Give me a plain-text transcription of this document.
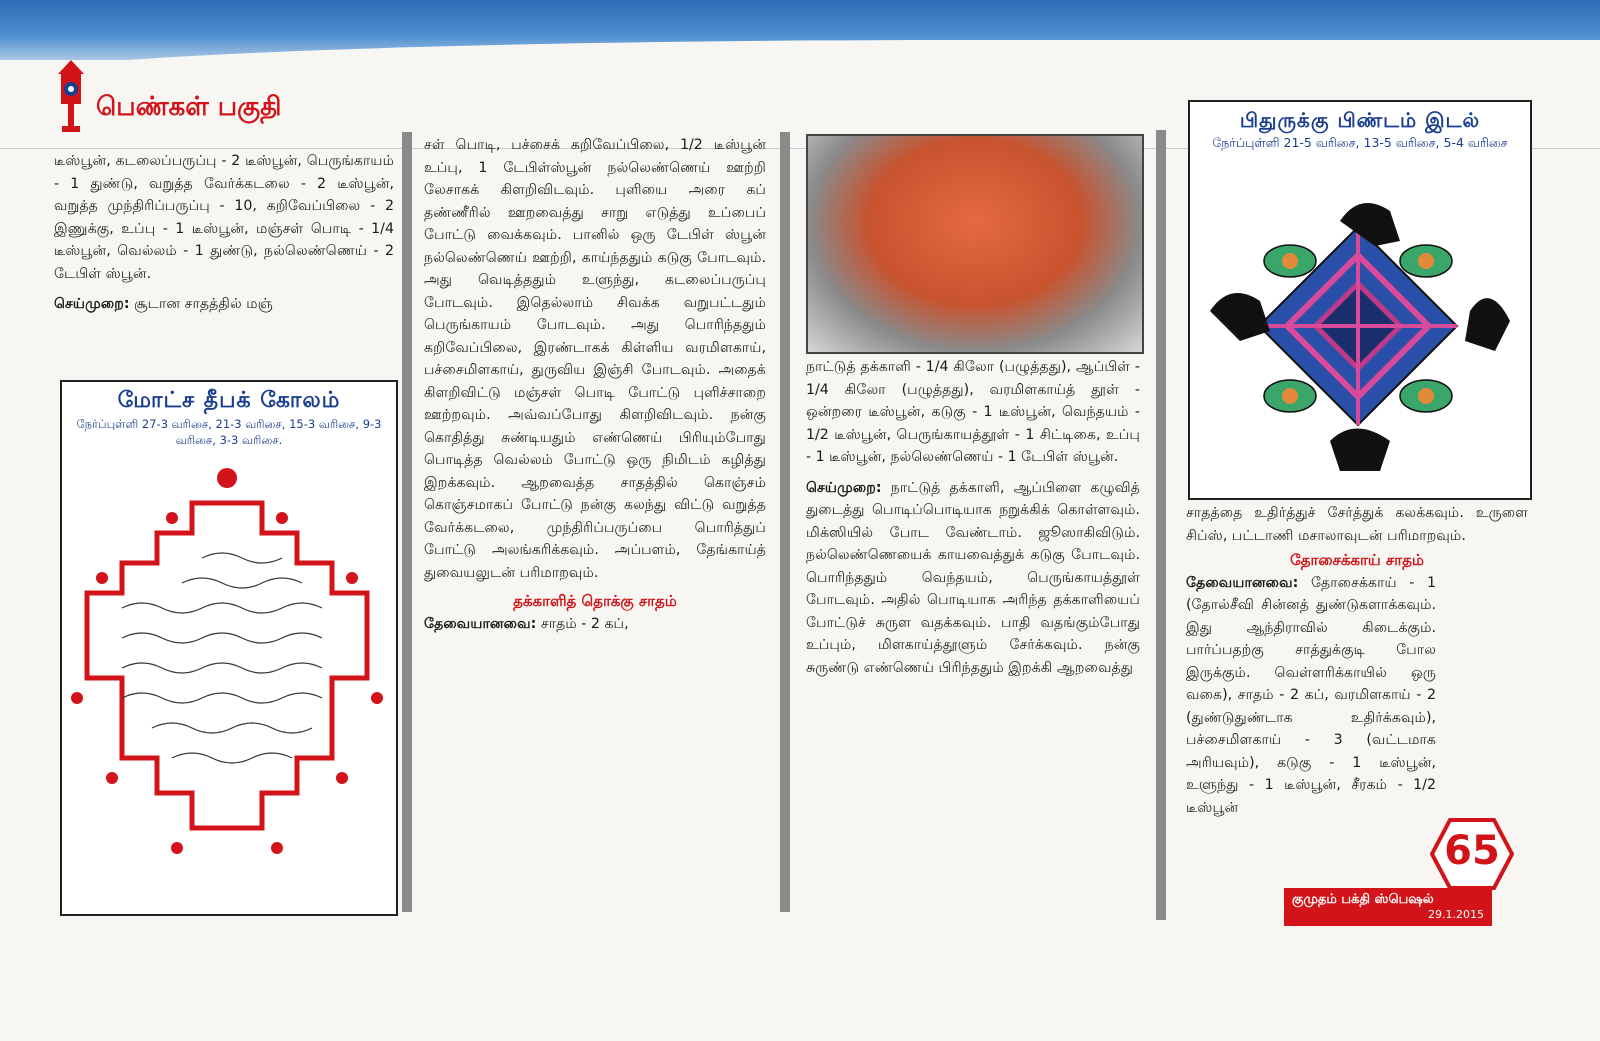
பெண்கள் பகுதி

டீஸ்பூன், கடலைப்பருப்பு - 2 டீஸ்பூன், பெருங்காயம் - 1 துண்டு, வறுத்த வேர்க்கடலை - 2 டீஸ்பூன், வறுத்த முந்திரிப்பருப்பு - 10, கறிவேப்பிலை - 2 இணுக்கு, உப்பு - 1 டீஸ்பூன், மஞ்சள் பொடி - 1/4 டீஸ்பூன், வெல்லம் - 1 துண்டு, நல்லெண்ணெய் - 2 டேபிள் ஸ்பூன்.

செய்முறை: சூடான சாதத்தில் மஞ்

மோட்ச தீபக் கோலம்
நேர்ப்புள்ளி 27-3 வரிசை, 21-3 வரிசை, 15-3 வரிசை, 9-3 வரிசை, 3-3 வரிசை.

சள் பொடி, பச்சைக் கறிவேப்பிலை, 1/2 டீஸ்பூன் உப்பு, 1 டேபிள்ஸ்பூன் நல்லெண்ணெய் ஊற்றி லேசாகக் கிளறிவிடவும். புளியை அரை கப் தண்ணீரில் ஊறவைத்து சாறு எடுத்து உப்பைப் போட்டு வைக்கவும். பானில் ஒரு டேபிள் ஸ்பூன் நல்லெண்ணெய் ஊற்றி, காய்ந்ததும் கடுகு போடவும். அது வெடித்ததும் உளுந்து, கடலைப்பருப்பு போடவும். இதெல்லாம் சிவக்க வறுபட்டதும் பெருங்காயம் போடவும். அது பொரிந்ததும் கறிவேப்பிலை, இரண்டாகக் கிள்ளிய வரமிளகாய், பச்சைமிளகாய், துருவிய இஞ்சி போடவும். அதைக் கிளறிவிட்டு மஞ்சள் பொடி போட்டு புளிச்சாறை ஊற்றவும். அவ்வப்போது கிளறிவிடவும். நன்கு கொதித்து சுண்டியதும் எண்ணெய் பிரியும்போது பொடித்த வெல்லம் போட்டு ஒரு நிமிடம் கழித்து இறக்கவும். ஆறவைத்த சாதத்தில் கொஞ்சம் கொஞ்சமாகப் போட்டு நன்கு கலந்து விட்டு வறுத்த வேர்க்கடலை, முந்திரிப்பருப்பை பொரித்துப் போட்டு அலங்கரிக்கவும். அப்பளம், தேங்காய்த் துவையலுடன் பரிமாறவும்.

தக்காளித் தொக்கு சாதம்

தேவையானவை: சாதம் - 2 கப்,

நாட்டுத் தக்காளி - 1/4 கிலோ (பழுத்தது), ஆப்பிள் - 1/4 கிலோ (பழுத்தது), வரமிளகாய்த் தூள் - ஒன்றரை டீஸ்பூன், கடுகு - 1 டீஸ்பூன், வெந்தயம் - 1/2 டீஸ்பூன், பெருங்காயத்தூள் - 1 சிட்டிகை, உப்பு - 1 டீஸ்பூன், நல்லெண்ணெய் - 1 டேபிள் ஸ்பூன்.

செய்முறை: நாட்டுத் தக்காளி, ஆப்பிளை கழுவித் துடைத்து பொடிப்பொடியாக நறுக்கிக் கொள்ளவும். மிக்ஸியில் போட வேண்டாம். ஜூஸாகிவிடும். நல்லெண்ணெயைக் காயவைத்துக் கடுகு போடவும். பொரிந்ததும் வெந்தயம், பெருங்காயத்தூள் போடவும். அதில் பொடியாக அரிந்த தக்காளியைப் போட்டுச் சுருள வதக்கவும். பாதி வதங்கும்போது உப்பும், மிளகாய்த்தூளும் சேர்க்கவும். நன்கு சுருண்டு எண்ணெய் பிரிந்ததும் இறக்கி ஆறவைத்து

பிதுருக்கு பிண்டம் இடல்
நேர்ப்புள்ளி 21-5 வரிசை, 13-5 வரிசை, 5-4 வரிசை

சாதத்தை உதிர்த்துச் சேர்த்துக் கலக்கவும். உருளை சிப்ஸ், பட்டாணி மசாலாவுடன் பரிமாறவும்.

தோசைக்காய் சாதம்

தேவையானவை: தோசைக்காய் - 1 (தோல்சீவி சின்னத் துண்டுகளாக்கவும். இது ஆந்திராவில் கிடைக்கும். பார்ப்பதற்கு சாத்துக்குடி போல இருக்கும். வெள்ளரிக்காயில் ஒரு வகை), சாதம் - 2 கப், வரமிளகாய் - 2 (துண்டுதுண்டாக உதிர்க்கவும்), பச்சைமிளகாய் - 3 (வட்டமாக அரியவும்), கடுகு - 1 டீஸ்பூன், உளுந்து - 1 டீஸ்பூன், சீரகம் - 1/2 டீஸ்பூன்

65
குமுதம் பக்தி ஸ்பெஷல்
29.1.2015
